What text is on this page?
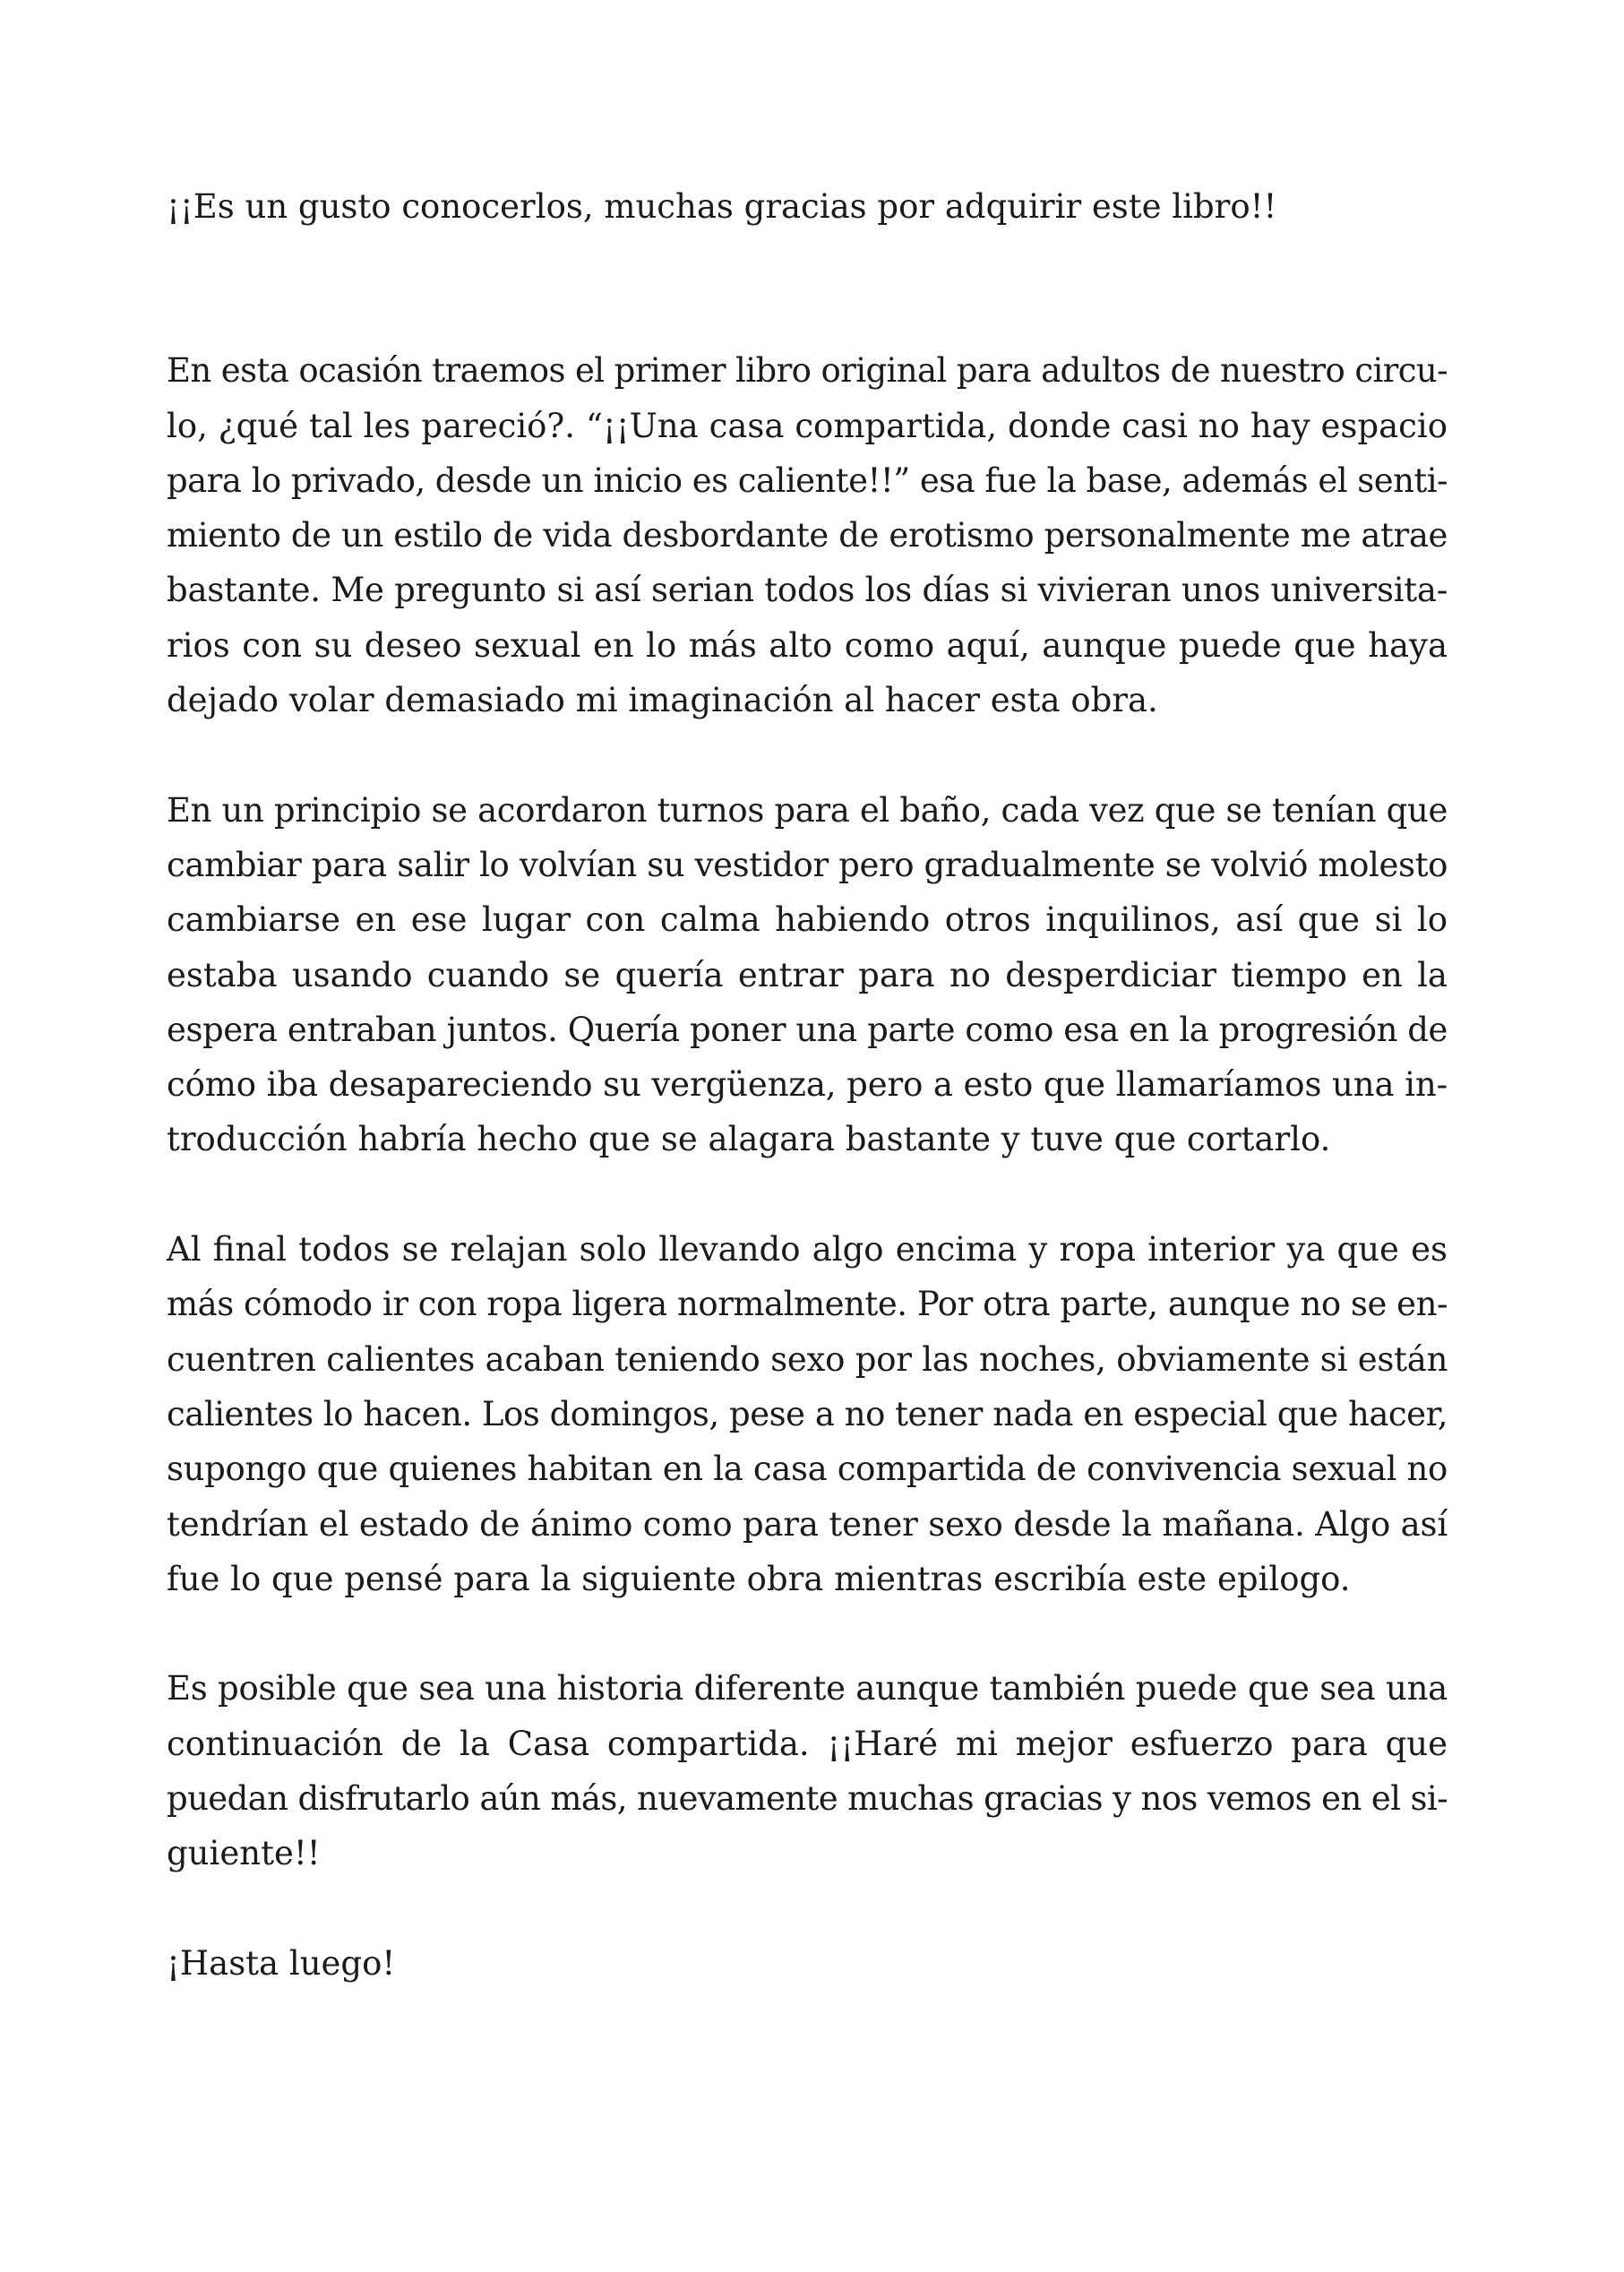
¡¡Es un gusto conocerlos, muchas gracias por adquirir este libro!!

En esta ocasión traemos el primer libro original para adultos de nuestro circu-
lo, ¿qué tal les pareció?. “¡¡Una casa compartida, donde casi no hay espacio
para lo privado, desde un inicio es caliente!!” esa fue la base, además el senti-
miento de un estilo de vida desbordante de erotismo personalmente me atrae
bastante. Me pregunto si así serian todos los días si vivieran unos universita-
rios con su deseo sexual en lo más alto como aquí, aunque puede que haya
dejado volar demasiado mi imaginación al hacer esta obra.

En un principio se acordaron turnos para el baño, cada vez que se tenían que
cambiar para salir lo volvían su vestidor pero gradualmente se volvió molesto
cambiarse en ese lugar con calma habiendo otros inquilinos, así que si lo
estaba usando cuando se quería entrar para no desperdiciar tiempo en la
espera entraban juntos. Quería poner una parte como esa en la progresión de
cómo iba desapareciendo su vergüenza, pero a esto que llamaríamos una in-
troducción habría hecho que se alagara bastante y tuve que cortarlo.

Al final todos se relajan solo llevando algo encima y ropa interior ya que es
más cómodo ir con ropa ligera normalmente. Por otra parte, aunque no se en-
cuentren calientes acaban teniendo sexo por las noches, obviamente si están
calientes lo hacen. Los domingos, pese a no tener nada en especial que hacer,
supongo que quienes habitan en la casa compartida de convivencia sexual no
tendrían el estado de ánimo como para tener sexo desde la mañana. Algo así
fue lo que pensé para la siguiente obra mientras escribía este epilogo.

Es posible que sea una historia diferente aunque también puede que sea una
continuación de la Casa compartida. ¡¡Haré mi mejor esfuerzo para que
puedan disfrutarlo aún más, nuevamente muchas gracias y nos vemos en el si-
guiente!!

¡Hasta luego!
